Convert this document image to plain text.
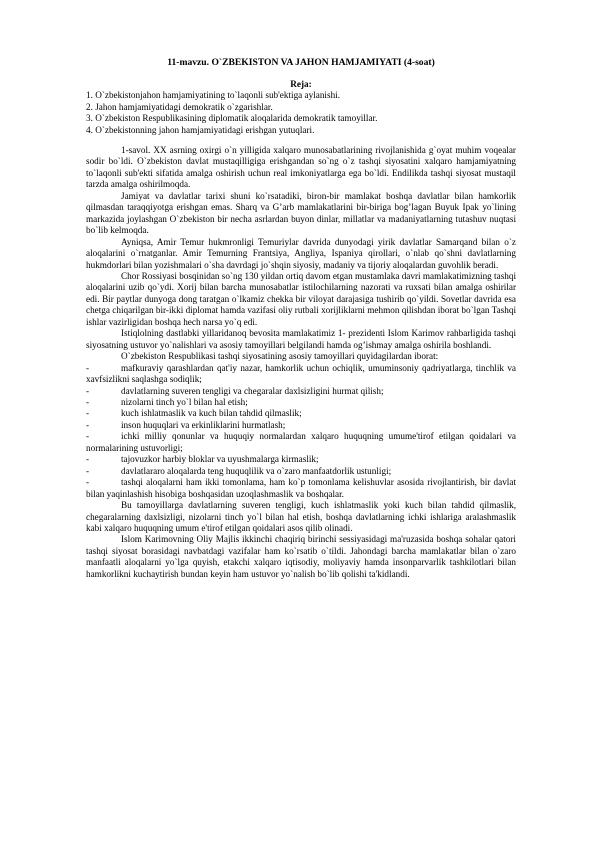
11-mavzu. O`ZBEKISTON VA JAHON HAMJAMIYATI (4-soat)
Reja:
1. O`zbekistonjahon hamjamiyatining to`laqonli sub'ektiga aylanishi.
2. Jahon hamjamiyatidagi demokratik o`zgarishlar.
3. O`zbekiston Respublikasining diplomatik aloqalarida demokratik tamoyillar.
4. O`zbekistonning jahon hamjamiyatidagi erishgan yutuqlari.

1-savol. XX asrning oxirgi o`n yilligida xalqaro munosabatlarining rivojlanishida g`oyat muhim voqealar sodir bo`ldi. O`zbekiston davlat mustaqilligiga erishgandan so`ng o`z tashqi siyosatini xalqaro hamjamiyatning to`laqonli sub'ekti sifatida amalga oshirish uchun real imkoniyatlarga ega bo`ldi. Endilikda tashqi siyosat mustaqil tarzda amalga oshirilmoqda.

Jamiyat va davlatlar tarixi shuni ko`rsatadiki, biron-bir mamlakat boshqa davlatlar bilan hamkorlik qilmasdan taraqqiyotga erishgan emas. Sharq va G’arb mamlakatlarini bir-biriga bog’lagan Buyuk Ipak yo`lining markazida joylashgan O`zbekiston bir necha asrlardan buyon dinlar, millatlar va madaniyatlarning tutashuv nuqtasi bo`lib kelmoqda.

Ayniqsa, Amir Temur hukmronligi Temuriylar davrida dunyodagi yirik davlatlar Samarqand bilan o`z aloqalarini o`rnatganlar. Amir Temurning Frantsiya, Angliya, Ispaniya qirollari, o`nlab qo`shni davlatlarning hukmdorlari bilan yozishmalari o`sha davrdagi jo`shqin siyosiy, madaniy va tijoriy aloqalardan guvohlik beradi.

Chor Rossiyasi bosqinidan so`ng 130 yildan ortiq davom etgan mustamlaka davri mamlakatimizning tashqi aloqalarini uzib qo`ydi. Xorij bilan barcha munosabatlar istilochilarning nazorati va ruxsati bilan amalga oshirilar edi. Bir paytlar dunyoga dong taratgan o`lkamiz chekka bir viloyat darajasiga tushirib qo`yildi. Sovetlar davrida esa chetga chiqarilgan bir-ikki diplomat hamda vazifasi oliy rutbali xorijliklarni mehmon qilishdan iborat bo`lgan Tashqi ishlar vazirligidan boshqa hech narsa yo`q edi.

Istiqlolning dastlabki yillaridanoq bevosita mamlakatimiz 1- prezidenti Islom Karimov rahbarligida tashqi siyosatning ustuvor yo`nalishlari va asosiy tamoyillari belgilandi hamda og’ishmay amalga oshirila boshlandi.

O`zbekiston Respublikasi tashqi siyosatining asosiy tamoyillari quyidagilardan iborat:

-	mafkuraviy qarashlardan qat'iy nazar, hamkorlik uchun ochiqlik, umuminsoniy qadriyatlarga, tinchlik va xavfsizlikni saqlashga sodiqlik;
-	davlatlarning suveren tengligi va chegaralar daxlsizligini hurmat qilish;
-	nizolarni tinch yo`l bilan hal etish;
-	kuch ishlatmaslik va kuch bilan tahdid qilmaslik;
-	inson huquqlari va erkinliklarini hurmatlash;
-	ichki milliy qonunlar va huquqiy normalardan xalqaro huquqning umume'tirof etilgan qoidalari va normalarining ustuvorligi;
-	tajovuzkor harbiy bloklar va uyushmalarga kirmaslik;
-	davlatlararo aloqalarda teng huquqlilik va o`zaro manfaatdorlik ustunligi;
-	tashqi aloqalarni ham ikki tomonlama, ham ko`p tomonlama kelishuvlar asosida rivojlantirish, bir davlat bilan yaqinlashish hisobiga boshqasidan uzoqlashmaslik va boshqalar.

Bu tamoyillarga davlatlarning suveren tengligi, kuch ishlatmaslik yoki kuch bilan tahdid qilmaslik, chegaralarning daxlsizligi, nizolarni tinch yo`l bilan hal etish, boshqa davlatlarning ichki ishlariga aralashmaslik kabi xalqaro huquqning umum e'tirof etilgan qoidalari asos qilib olinadi.

Islom Karimovning Oliy Majlis ikkinchi chaqiriq birinchi sessiyasidagi ma'ruzasida boshqa sohalar qatori tashqi siyosat borasidagi navbatdagi vazifalar ham ko`rsatib o`tildi. Jahondagi barcha mamlakatlar bilan o`zaro manfaatli aloqalarni yo`lga quyish, etakchi xalqaro iqtisodiy, moliyaviy hamda insonparvarlik tashkilotlari bilan hamkorlikni kuchaytirish bundan keyin ham ustuvor yo`nalish bo`lib qolishi ta'kidlandi.
